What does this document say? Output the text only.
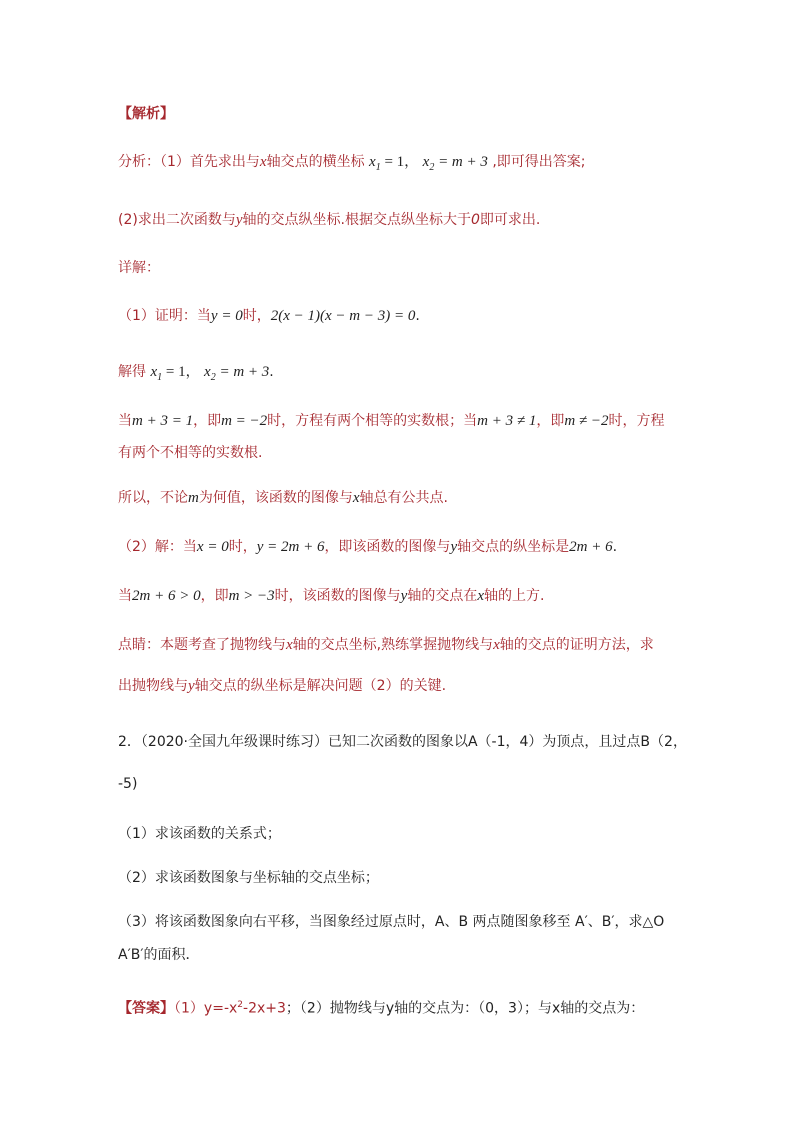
【解析】
分析：（1）首先求出与x轴交点的横坐标 $x_1 = 1$， $x_2 = m + 3$ ,即可得出答案;
(2)求出二次函数与y轴的交点纵坐标.根据交点纵坐标大于0即可求出.
详解：
（1）证明：当y = 0时，2(x − 1)(x − m − 3) = 0.
解得 $x_1 = 1$， $x_2 = m + 3$.
当m + 3 = 1，即m = −2时，方程有两个相等的实数根；当m + 3 ≠ 1，即m ≠ −2时，方程
有两个不相等的实数根.
所以，不论m为何值，该函数的图像与x轴总有公共点.
（2）解：当x = 0时，y = 2m + 6，即该函数的图像与y轴交点的纵坐标是2m + 6.
当2m + 6 > 0，即m > −3时，该函数的图像与y轴的交点在x轴的上方.
点睛：本题考查了抛物线与x轴的交点坐标,熟练掌握抛物线与x轴的交点的证明方法，求
出抛物线与y轴交点的纵坐标是解决问题（2）的关键.
2．（2020·全国九年级课时练习）已知二次函数的图象以A（-1，4）为顶点，且过点B（2，
-5)
（1）求该函数的关系式；
（2）求该函数图象与坐标轴的交点坐标；
（3）将该函数图象向右平移，当图象经过原点时，A、B 两点随图象移至 A′、B′，求△O
A′B′的面积．
【答案】$(1)y=-x^2-2x+3$；（2）抛物线与y轴的交点为：（0，3）；与x轴的交点为：
